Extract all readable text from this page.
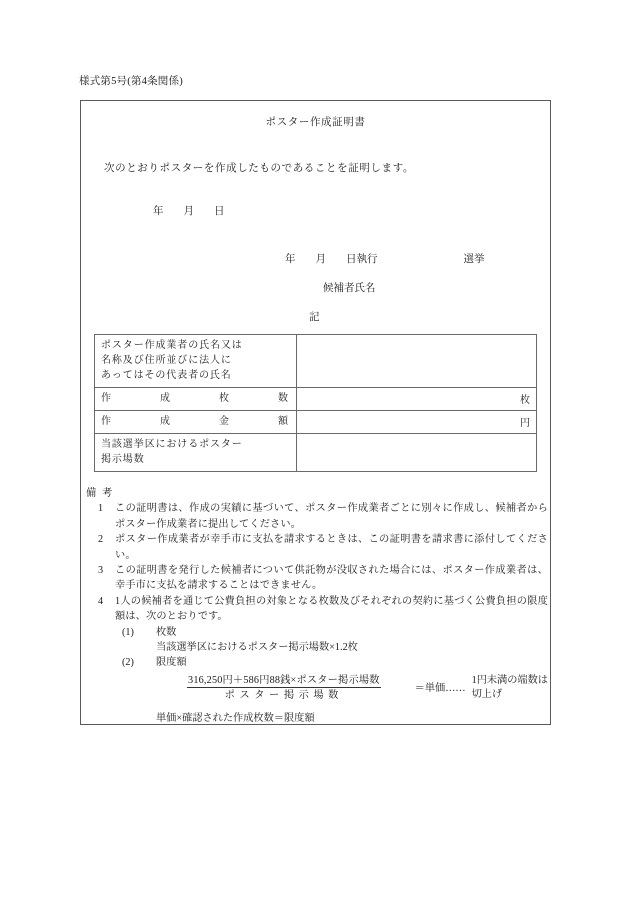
様式第5号(第4条関係)
ポスター作成証明書
次のとおりポスターを作成したものであることを証明します。
年 月 日
年 月 日執行	選挙
候補者氏名
記
ポスター作成業者の氏名又は
名称及び住所並びに法人に
あってはその代表者の氏名	

作 成 枚 数	枚

作 成 金 額	円

当該選挙区におけるポスター
掲示場数	

備考
1	この証明書は、作成の実績に基づいて、ポスター作成業者ごとに別々に作成し、候補者からポスター作成業者に提出してください。
2	ポスター作成業者が幸手市に支払を請求するときは、この証明書を請求書に添付してください。
3	この証明書を発行した候補者について供託物が没収された場合には、ポスター作成業者は、幸手市に支払を請求することはできません。
4	1人の候補者を通じて公費負担の対象となる枚数及びそれぞれの契約に基づく公費負担の限度額は、次のとおりです。
(1)	枚数
当該選挙区におけるポスター掲示場数×1.2枚
(2)	限度額
$\frac{\text{316,250円＋586円88銭×ポスター掲示場数}}{\text{ポスター掲示場数}}$ ＝単価……
1円未満の端数は
切上げ
単価×確認された作成枚数＝限度額
